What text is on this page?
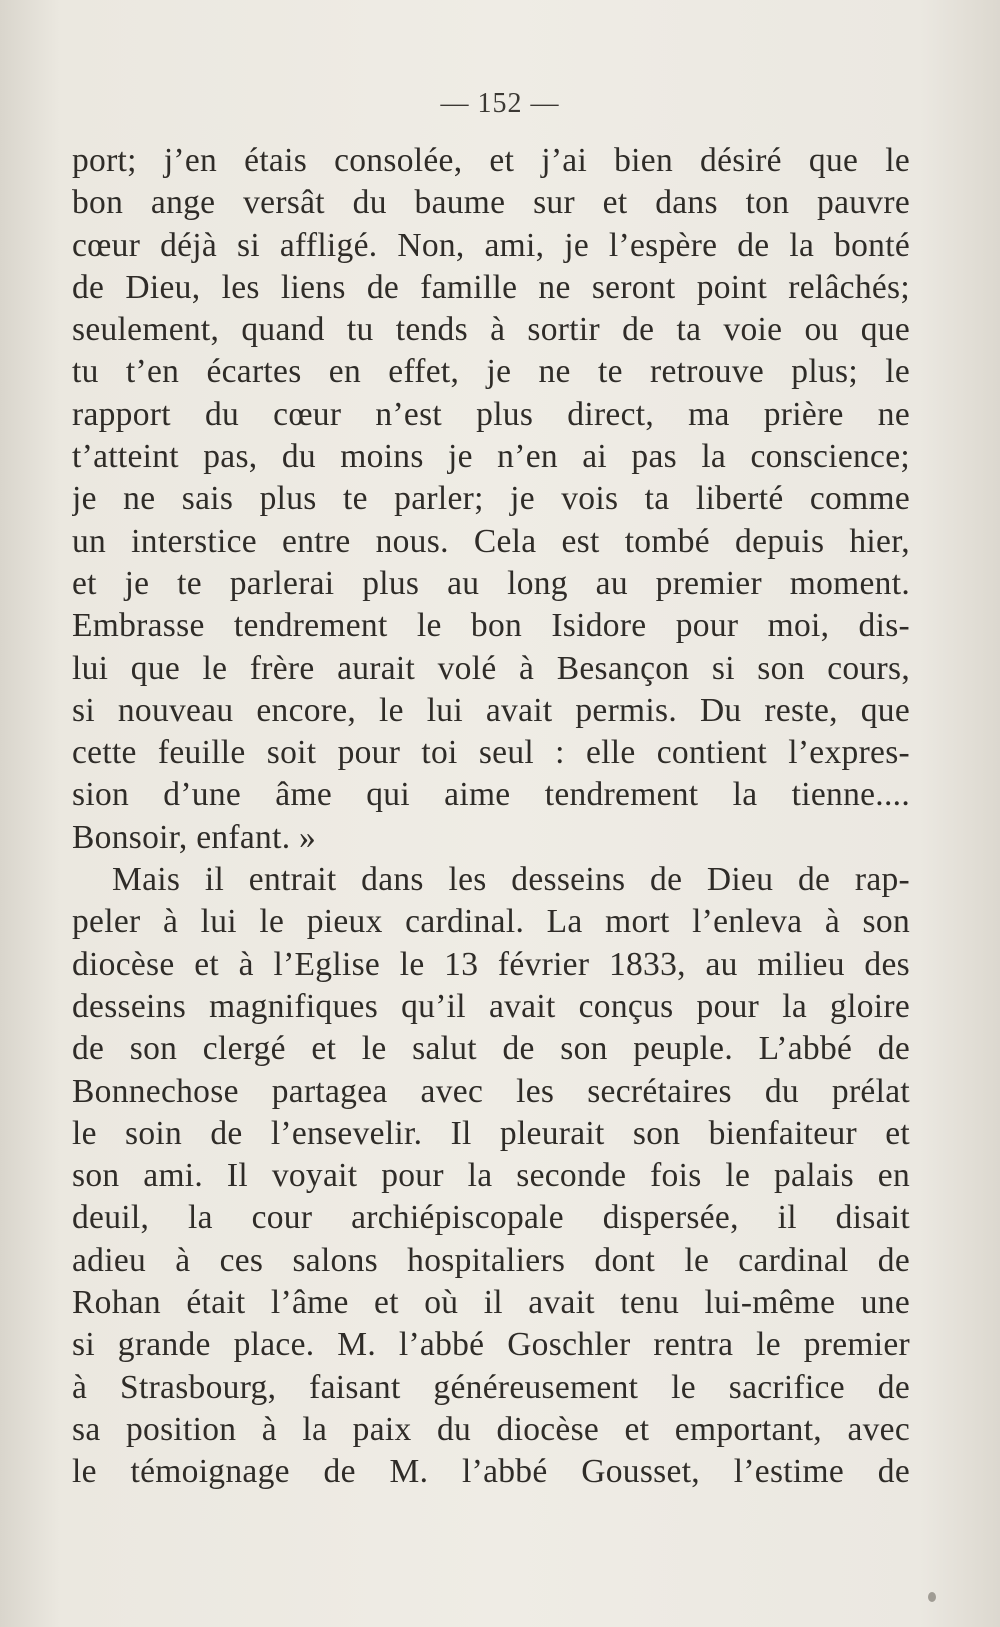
— 152 —
port; j’en étais consolée, et j’ai bien désiré que le
bon ange versât du baume sur et dans ton pauvre
cœur déjà si affligé. Non, ami, je l’espère de la bonté
de Dieu, les liens de famille ne seront point relâchés;
seulement, quand tu tends à sortir de ta voie ou que
tu t’en écartes en effet, je ne te retrouve plus; le
rapport du cœur n’est plus direct, ma prière ne
t’atteint pas, du moins je n’en ai pas la conscience;
je ne sais plus te parler; je vois ta liberté comme
un interstice entre nous. Cela est tombé depuis hier,
et je te parlerai plus au long au premier moment.
Embrasse tendrement le bon Isidore pour moi, dis-
lui que le frère aurait volé à Besançon si son cours,
si nouveau encore, le lui avait permis. Du reste, que
cette feuille soit pour toi seul : elle contient l’expres-
sion d’une âme qui aime tendrement la tienne....
Bonsoir, enfant. »
Mais il entrait dans les desseins de Dieu de rap-
peler à lui le pieux cardinal. La mort l’enleva à son
diocèse et à l’Eglise le 13 février 1833, au milieu des
desseins magnifiques qu’il avait conçus pour la gloire
de son clergé et le salut de son peuple. L’abbé de
Bonnechose partagea avec les secrétaires du prélat
le soin de l’ensevelir. Il pleurait son bienfaiteur et
son ami. Il voyait pour la seconde fois le palais en
deuil, la cour archiépiscopale dispersée, il disait
adieu à ces salons hospitaliers dont le cardinal de
Rohan était l’âme et où il avait tenu lui-même une
si grande place. M. l’abbé Goschler rentra le premier
à Strasbourg, faisant généreusement le sacrifice de
sa position à la paix du diocèse et emportant, avec
le témoignage de M. l’abbé Gousset, l’estime de
